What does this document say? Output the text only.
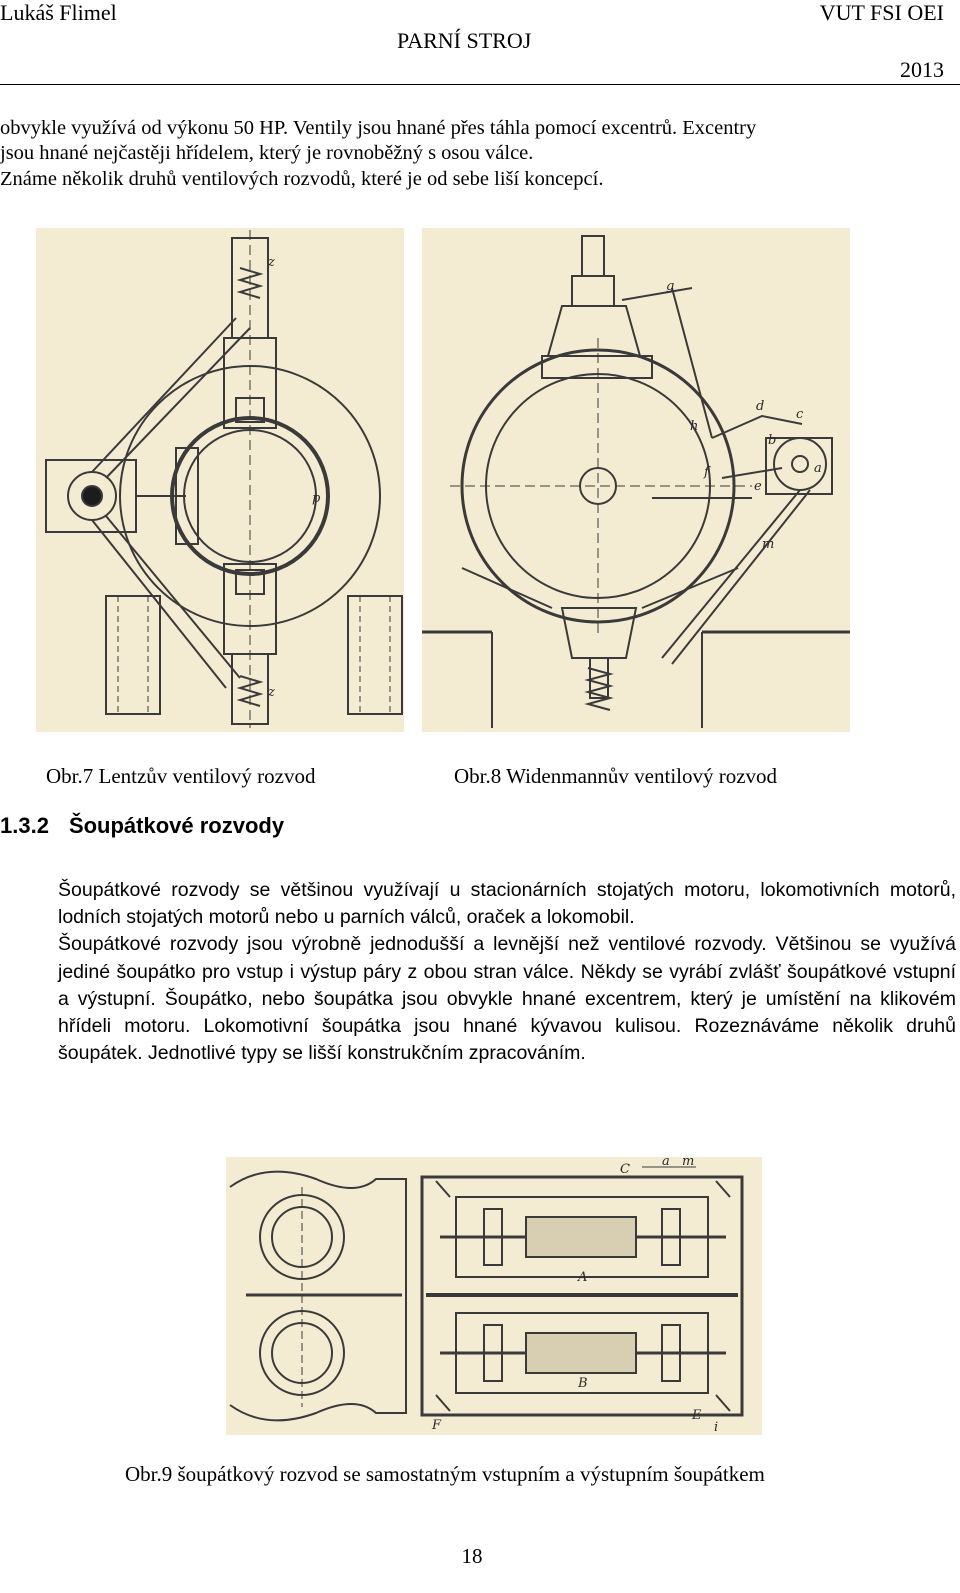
Lukáš Flimel
PARNÍ STROJ
VUT FSI OEI
2013
obvykle využívá od výkonu 50 HP. Ventily jsou hnané přes táhla pomocí excentrů. Excentry
jsou hnané nejčastěji hřídelem, který je rovnoběžný s osou válce.
Známe několik druhů ventilových rozvodů, které je od sebe liší koncepcí.
z
z
p
g
h
d
c
b
a
f
e
m
Obr.7 Lentzův ventilový rozvod	Obr.8 Widenmannův ventilový rozvod
1.3.2 Šoupátkové rozvody

Šoupátkové rozvody se většinou využívají u stacionárních stojatých motoru, lokomotivních motorů, lodních stojatých motorů nebo u parních válců, oraček a lokomobil.

Šoupátkové rozvody jsou výrobně jednodušší a levnější než ventilové rozvody. Většinou se využívá jediné šoupátko pro vstup i výstup páry z obou stran válce. Někdy se vyrábí zvlášť šoupátkové vstupní a výstupní. Šoupátko, nebo šoupátka jsou obvykle hnané excentrem, který je umístění na klikovém hřídeli motoru. Lokomotivní šoupátka jsou hnané kývavou kulisou. Rozeznáváme několik druhů šoupátek. Jednotlivé typy se lišší konstrukčním zpracováním.

C
a m
A
B
F
E
i
Obr.9 šoupátkový rozvod se samostatným vstupním a výstupním šoupátkem
18
